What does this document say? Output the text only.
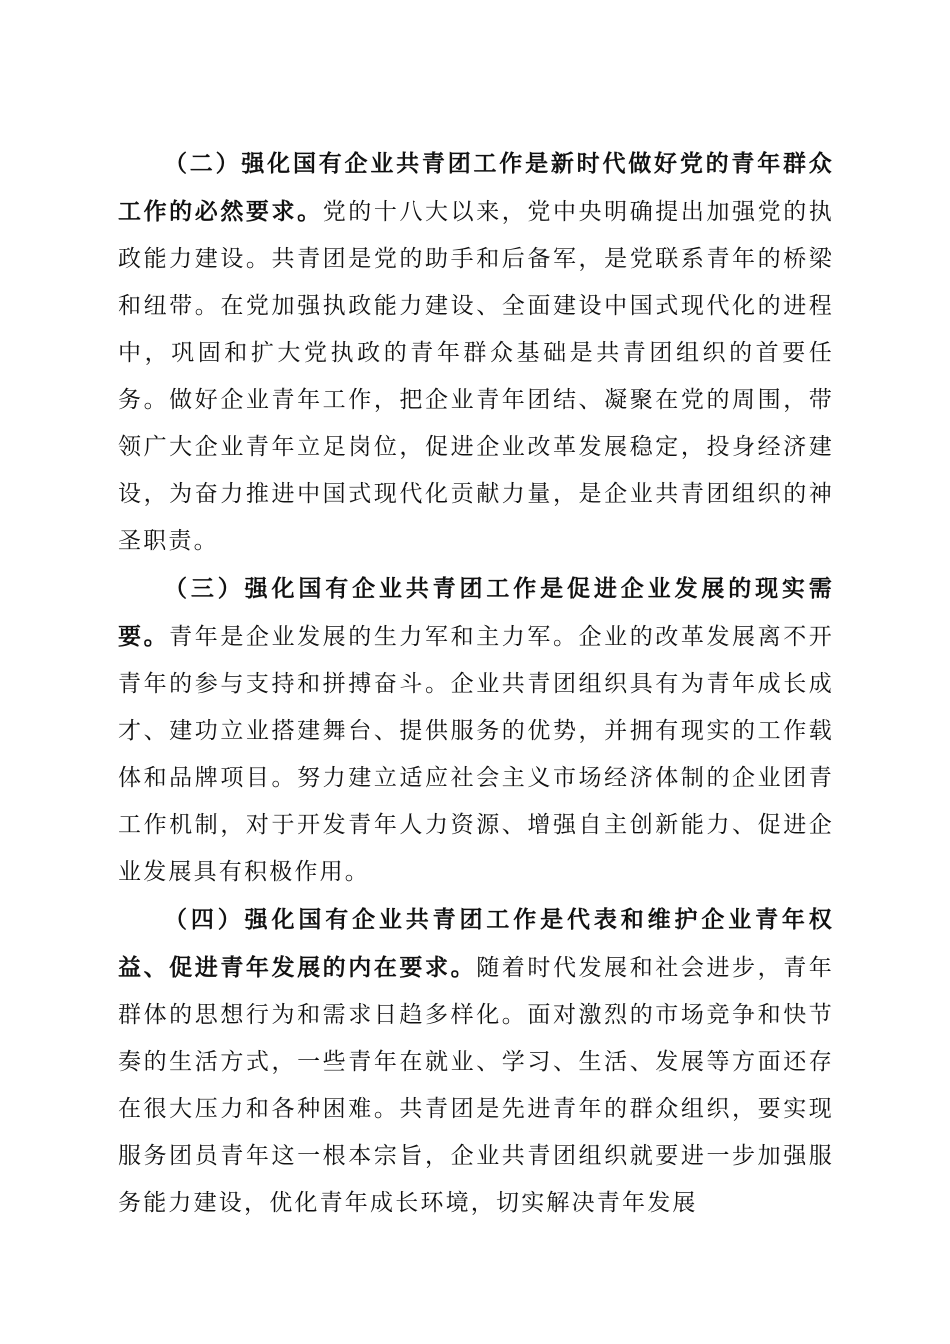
（二）强化国有企业共青团工作是新时代做好党的青年群众工作的必然要求。党的十八大以来，党中央明确提出加强党的执政能力建设。共青团是党的助手和后备军，是党联系青年的桥梁和纽带。在党加强执政能力建设、全面建设中国式现代化的进程中，巩固和扩大党执政的青年群众基础是共青团组织的首要任务。做好企业青年工作，把企业青年团结、凝聚在党的周围，带领广大企业青年立足岗位，促进企业改革发展稳定，投身经济建设，为奋力推进中国式现代化贡献力量，是企业共青团组织的神圣职责。

（三）强化国有企业共青团工作是促进企业发展的现实需要。青年是企业发展的生力军和主力军。企业的改革发展离不开青年的参与支持和拼搏奋斗。企业共青团组织具有为青年成长成才、建功立业搭建舞台、提供服务的优势，并拥有现实的工作载体和品牌项目。努力建立适应社会主义市场经济体制的企业团青工作机制，对于开发青年人力资源、增强自主创新能力、促进企业发展具有积极作用。

（四）强化国有企业共青团工作是代表和维护企业青年权益、促进青年发展的内在要求。随着时代发展和社会进步，青年群体的思想行为和需求日趋多样化。面对激烈的市场竞争和快节奏的生活方式，一些青年在就业、学习、生活、发展等方面还存在很大压力和各种困难。共青团是先进青年的群众组织，要实现服务团员青年这一根本宗旨，企业共青团组织就要进一步加强服务能力建设，优化青年成长环境，切实解决青年发展
